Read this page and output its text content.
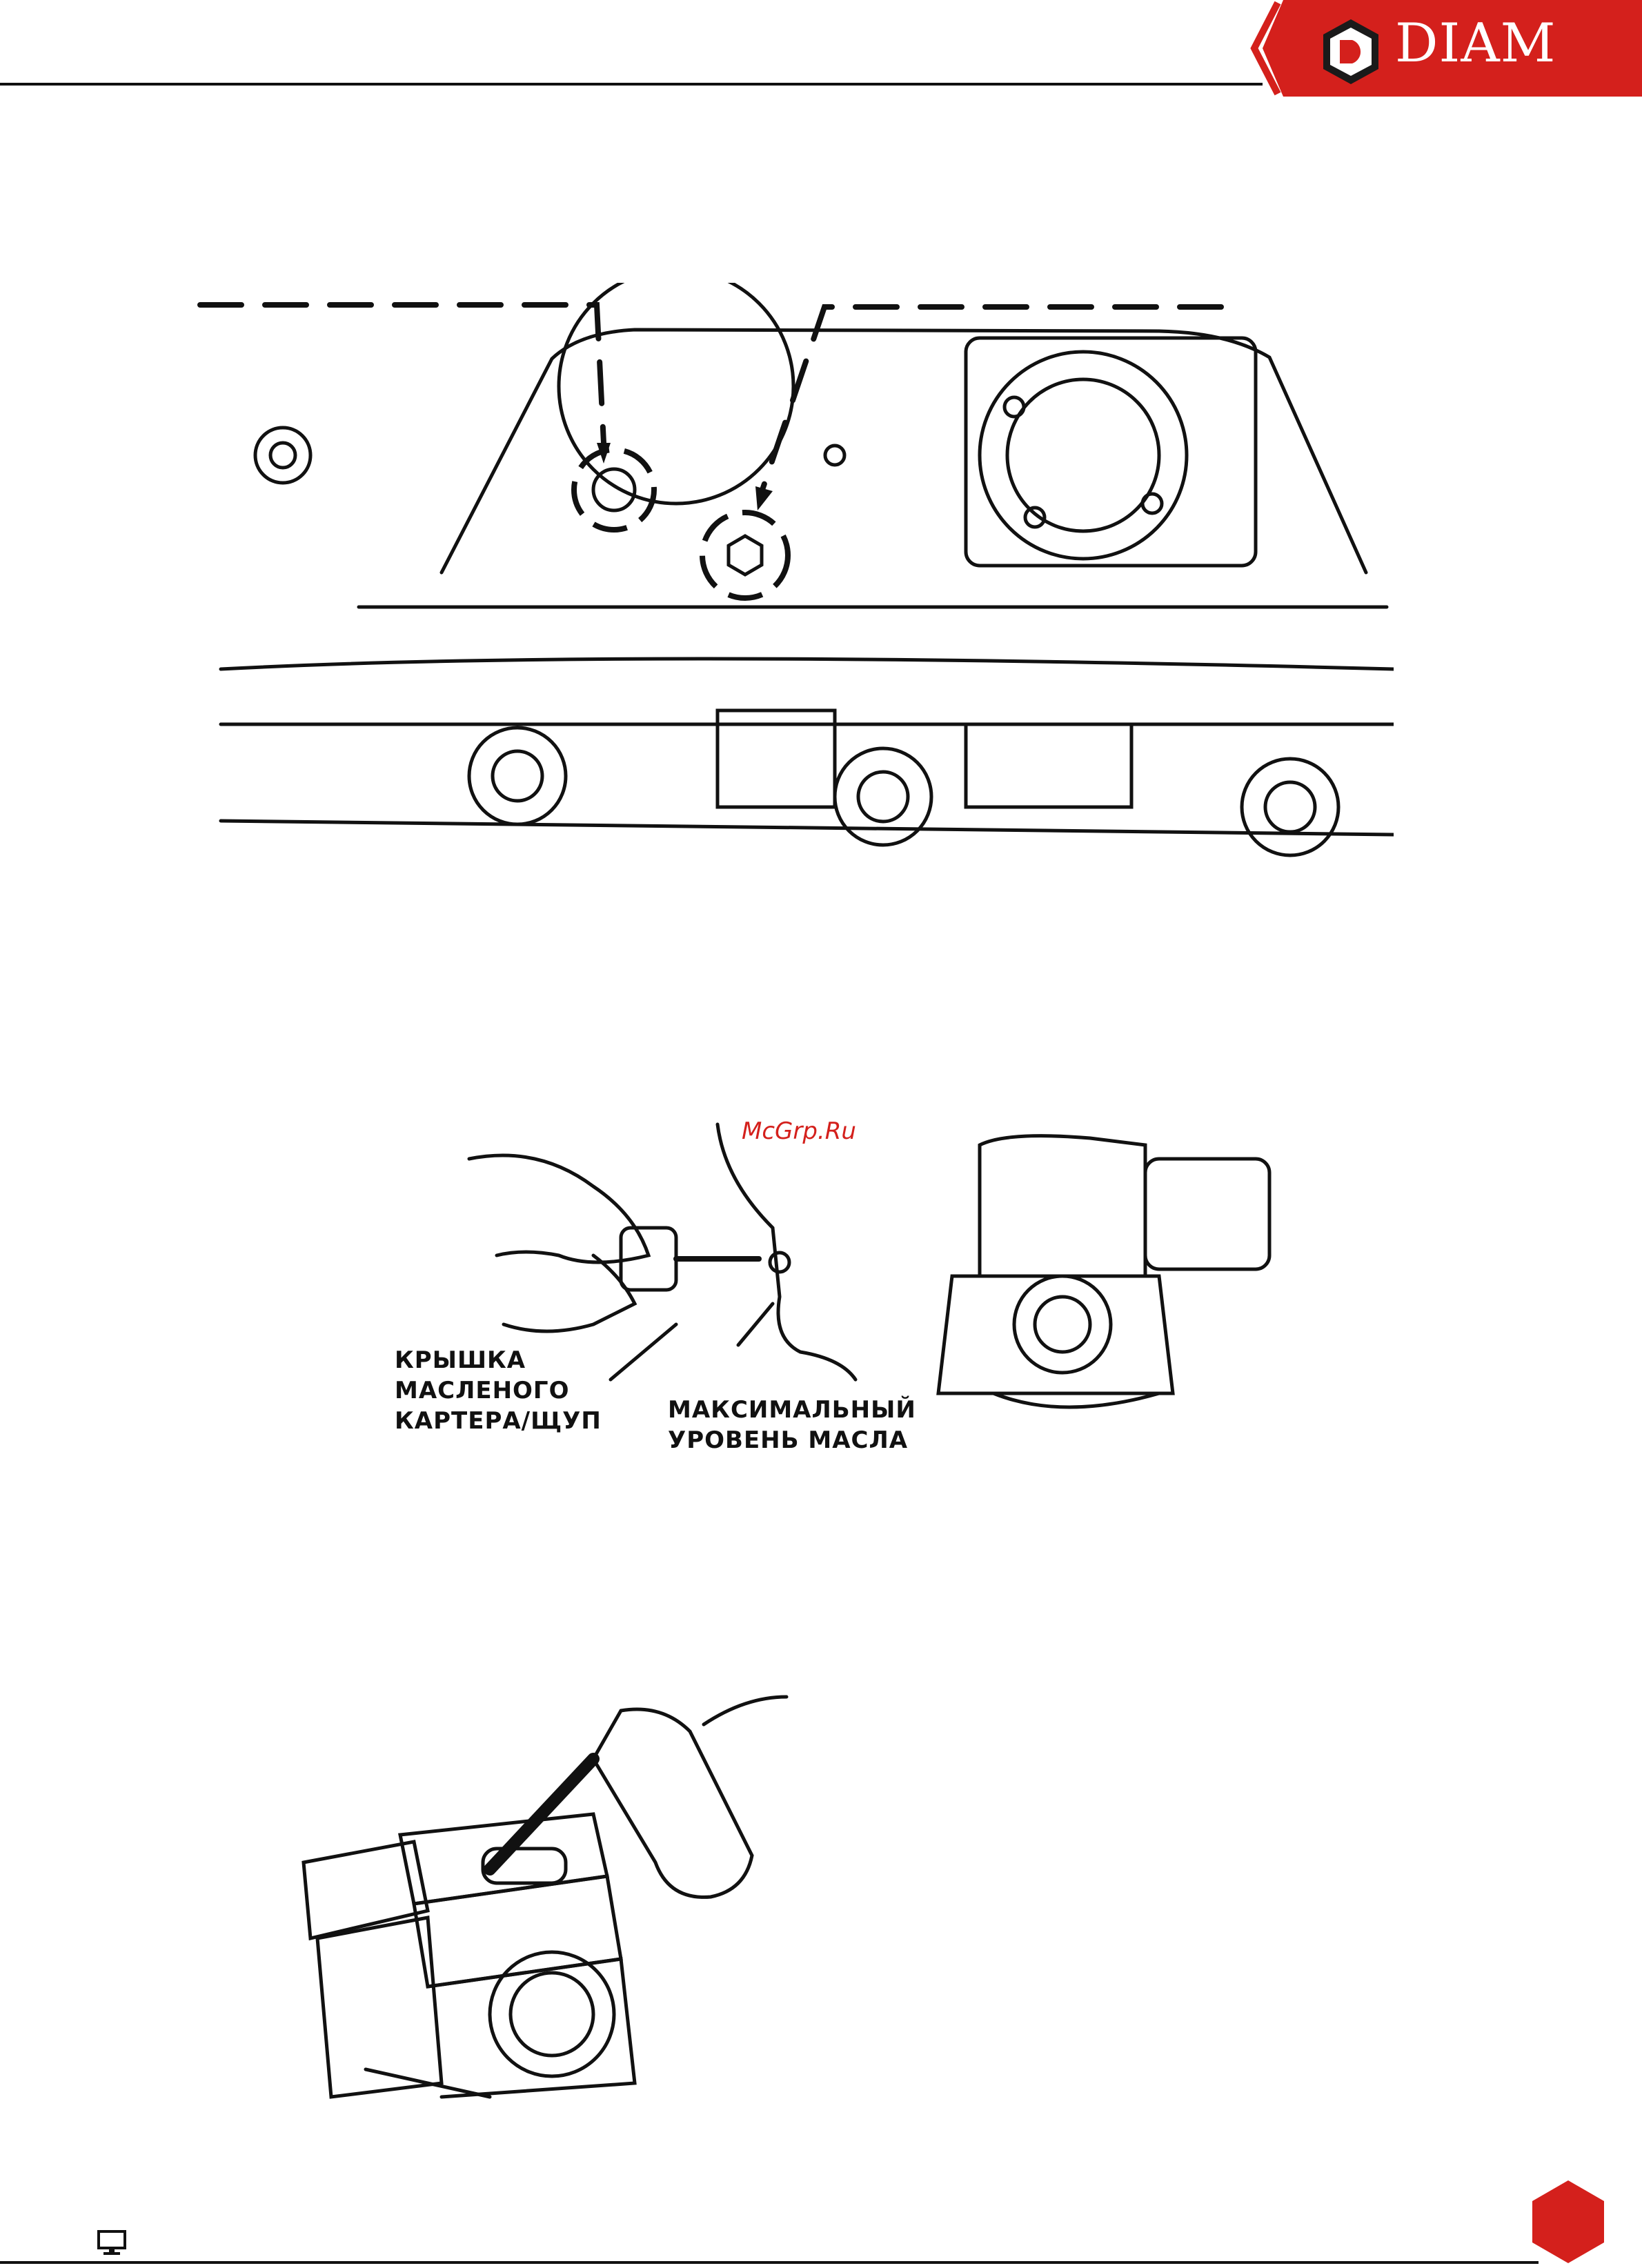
DIAM
McGrp.Ru
КРЫШКА
МАСЛЕНОГО
КАРТЕРА/ЩУП	МАКСИМАЛЬНЫЙ
УРОВЕНЬ МАСЛА
